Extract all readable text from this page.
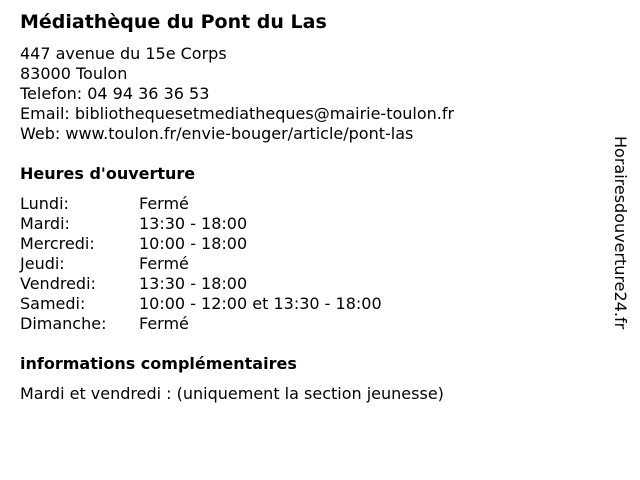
Médiathèque du Pont du Las
447 avenue du 15e Corps
83000 Toulon
Telefon: 04 94 36 36 53
Email: bibliothequesetmediatheques@mairie-toulon.fr
Web: www.toulon.fr/envie-bouger/article/pont-las
Heures d'ouverture
Lundi:	Fermé
Mardi:	13:30 - 18:00
Mercredi:	10:00 - 18:00
Jeudi:	Fermé
Vendredi:	13:30 - 18:00
Samedi:	10:00 - 12:00 et 13:30 - 18:00
Dimanche: Fermé
informations complémentaires
Mardi et vendredi : (uniquement la section jeunesse)
Horairesdouverture24.fr
